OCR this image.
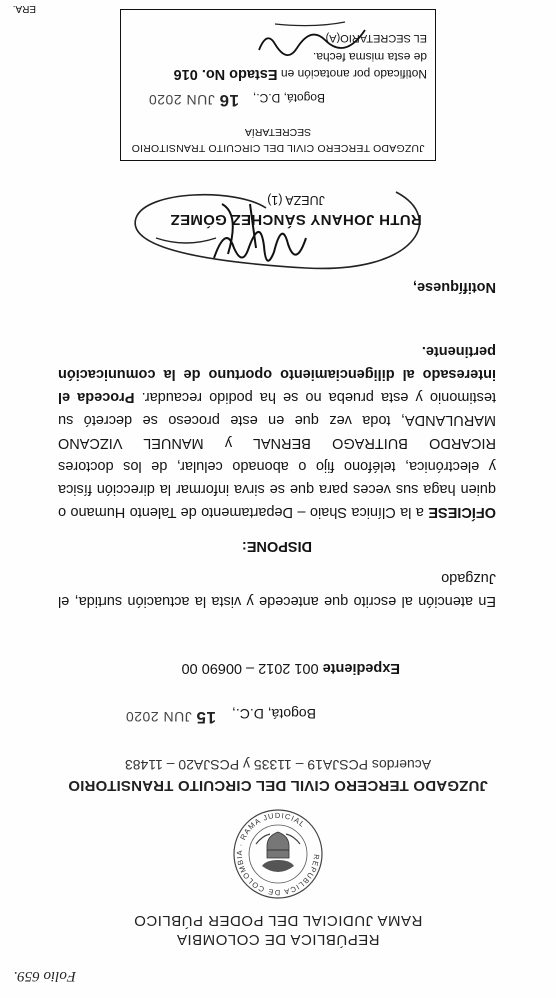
Folio 659.
REPÚBLICA DE COLOMBIA
RAMA JUDICIAL DEL PODER PÚBLICO
REPUBLICA DE COLOMBIA · RAMA JUDICIAL
JUZGADO TERCERO CIVIL DEL CIRCUITO TRANSITORIO
Acuerdos PCSJA19 – 11335 y PCSJA20 – 11483
Bogotá, D.C.,
15 JUN 2020
Expediente 001 2012 – 00690 00
En atención al escrito que antecede y vista la actuación surtida, el Juzgado
DISPONE:
OFÍCIESE a la Clínica Shaio – Departamento de Talento Humano o quien haga sus veces para que se sirva informar la dirección física y electrónica, teléfono fijo o abonado celular, de los doctores RICARDO BUITRAGO BERNAL y MANUEL VIZCANO MARULANDA, toda vez que en este proceso se decretó su testimonio y esta prueba no se ha podido recaudar. Proceda el interesado al diligenciamiento oportuno de la comunicación pertinente.
Notifíquese,
RUTH JOHANY SÁNCHEZ GÓMEZ
JUEZA (1)
JUZGADO TERCERO CIVIL DEL CIRCUITO TRANSITORIO
SECRETARÍA
Bogotá, D.C.,
16 JUN 2020
Notificado por anotación en Estado No. 016
de esta misma fecha.
EL SECRETARIO(A)
ERA.
